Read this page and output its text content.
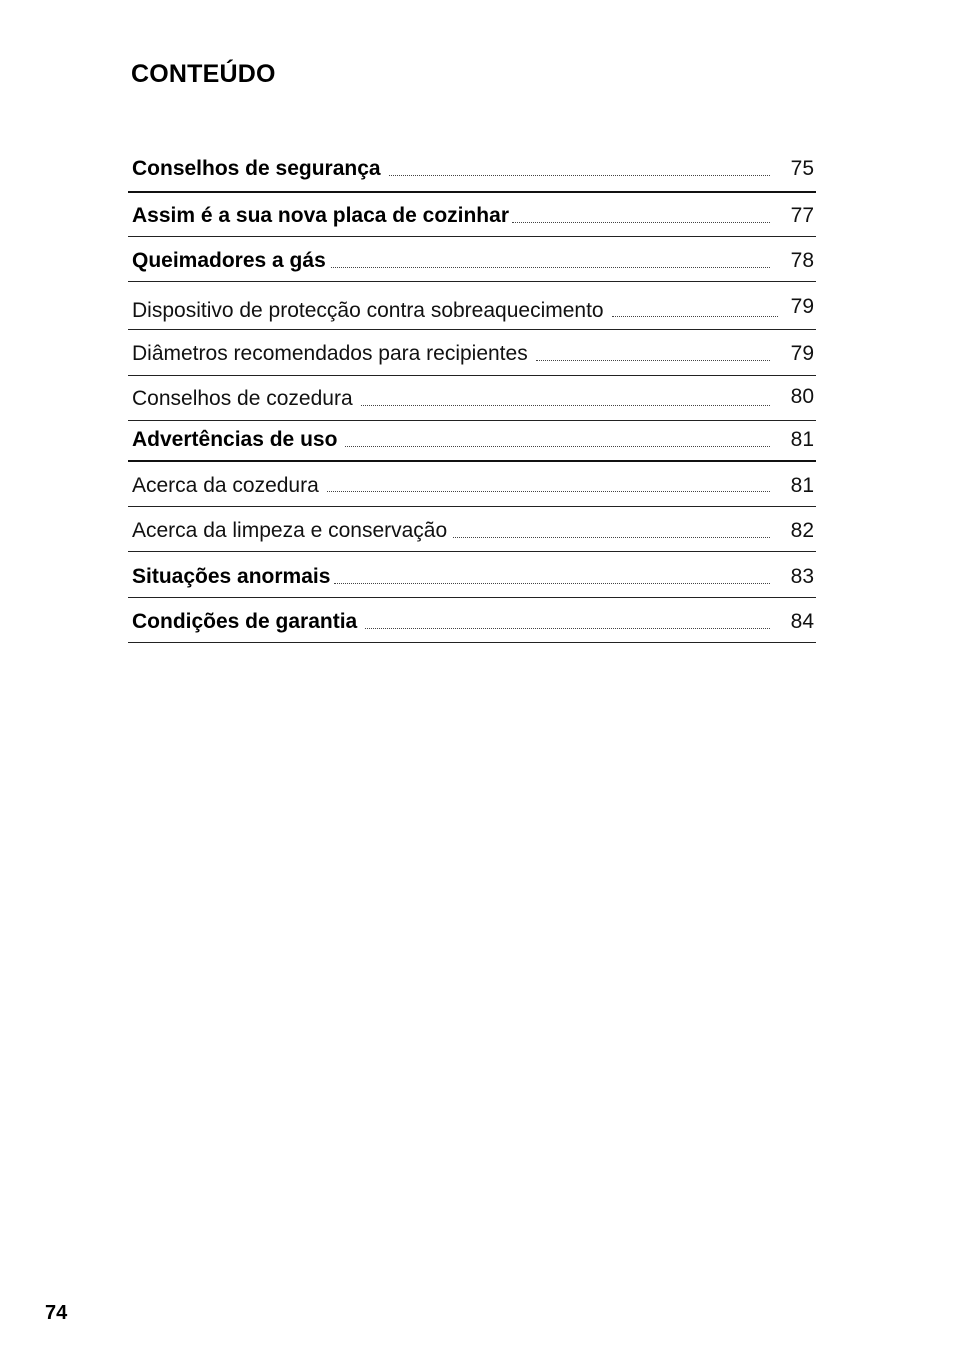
CONTEÚDO
Conselhos de segurança	75
Assim é a sua nova placa de cozinhar	77
Queimadores a gás	78
Dispositivo de protecção contra sobreaquecimento	79
Diâmetros recomendados para recipientes	79
Conselhos de cozedura	80
Advertências de uso	81
Acerca da cozedura	81
Acerca da limpeza e conservação	82
Situações anormais	83
Condições de garantia	84
74
